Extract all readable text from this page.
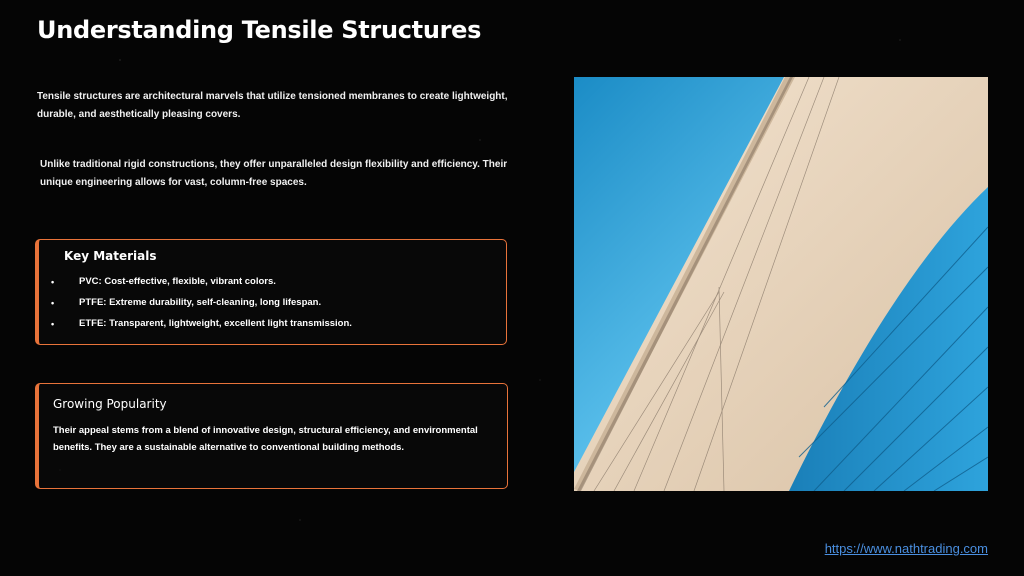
Understanding Tensile Structures
Tensile structures are architectural marvels that utilize tensioned membranes to create lightweight, durable, and aesthetically pleasing covers.
Unlike traditional rigid constructions, they offer unparalleled design flexibility and efficiency. Their unique engineering allows for vast, column-free spaces.
Key Materials
•	PVC: Cost-effective, flexible, vibrant colors.
•	PTFE: Extreme durability, self-cleaning, long lifespan.
•	ETFE: Transparent, lightweight, excellent light transmission.
Growing Popularity
Their appeal stems from a blend of innovative design, structural efficiency, and environmental benefits. They are a sustainable alternative to conventional building methods.
https://www.nathtrading.com
